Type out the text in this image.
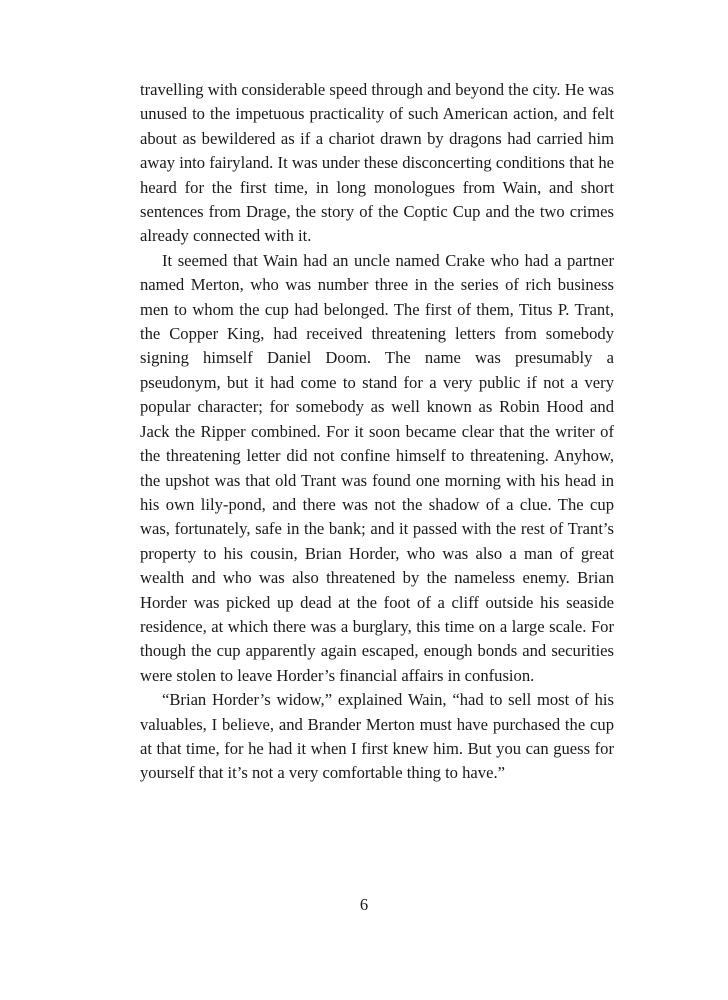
travelling with considerable speed through and beyond the city. He was unused to the impetuous practicality of such American action, and felt about as bewildered as if a chariot drawn by dragons had carried him away into fairyland. It was under these disconcerting conditions that he heard for the first time, in long monologues from Wain, and short sentences from Drage, the story of the Coptic Cup and the two crimes already connected with it.

It seemed that Wain had an uncle named Crake who had a partner named Merton, who was number three in the series of rich business men to whom the cup had belonged. The first of them, Titus P. Trant, the Copper King, had received threatening letters from somebody signing himself Daniel Doom. The name was presumably a pseudonym, but it had come to stand for a very public if not a very popular character; for somebody as well known as Robin Hood and Jack the Ripper combined. For it soon became clear that the writer of the threatening letter did not confine himself to threatening. Anyhow, the upshot was that old Trant was found one morning with his head in his own lily-pond, and there was not the shadow of a clue. The cup was, fortunately, safe in the bank; and it passed with the rest of Trant’s property to his cousin, Brian Horder, who was also a man of great wealth and who was also threatened by the nameless enemy. Brian Horder was picked up dead at the foot of a cliff outside his seaside residence, at which there was a burglary, this time on a large scale. For though the cup apparently again escaped, enough bonds and securities were stolen to leave Horder’s financial affairs in confusion.

“Brian Horder’s widow,” explained Wain, “had to sell most of his valuables, I believe, and Brander Merton must have purchased the cup at that time, for he had it when I first knew him. But you can guess for yourself that it’s not a very comfortable thing to have.”

6
